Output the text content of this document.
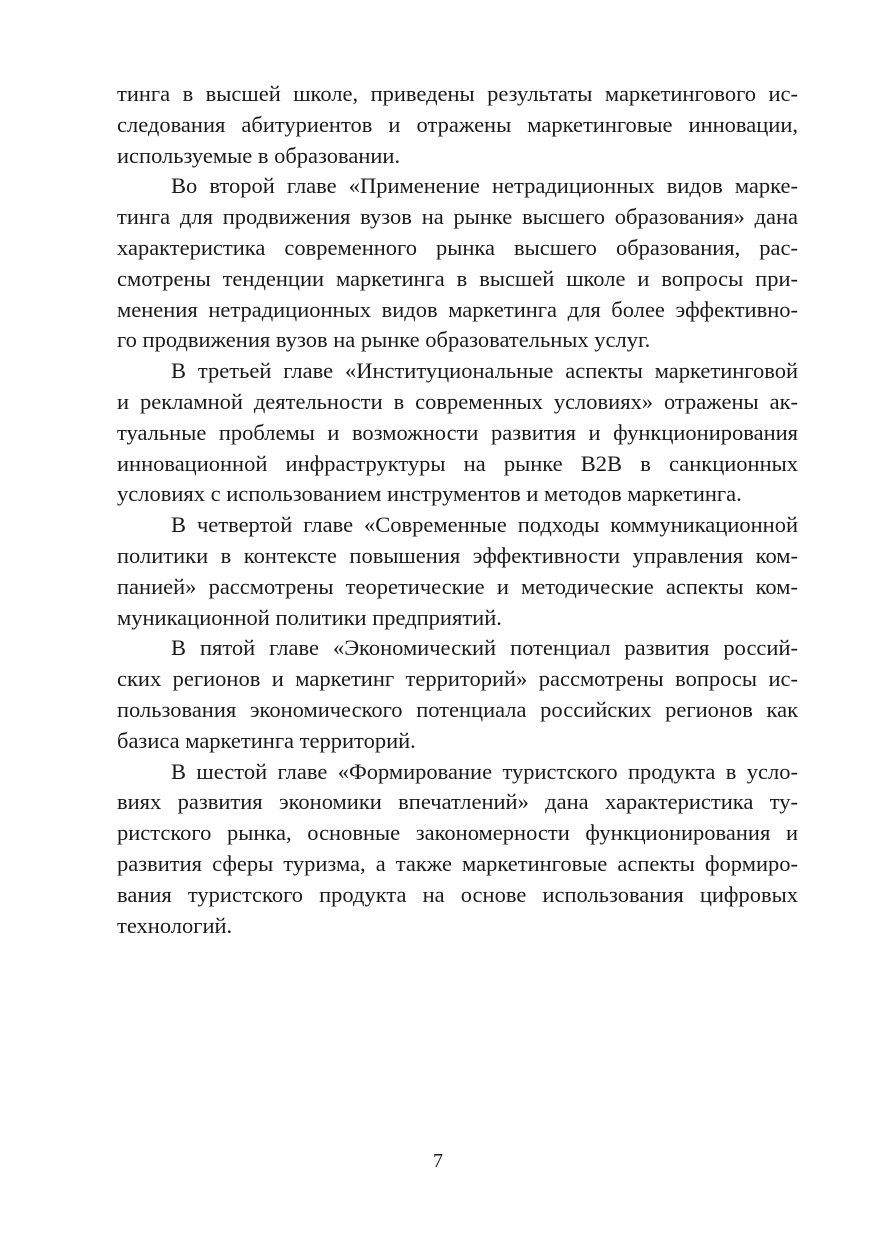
тинга в высшей школе, приведены результаты маркетингового ис-
следования абитуриентов и отражены маркетинговые инновации,
используемые в образовании.
Во второй главе «Применение нетрадиционных видов марке-
тинга для продвижения вузов на рынке высшего образования» дана
характеристика современного рынка высшего образования, рас-
смотрены тенденции маркетинга в высшей школе и вопросы при-
менения нетрадиционных видов маркетинга для более эффективно-
го продвижения вузов на рынке образовательных услуг.
В третьей главе «Институциональные аспекты маркетинговой
и рекламной деятельности в современных условиях» отражены ак-
туальные проблемы и возможности развития и функционирования
инновационной инфраструктуры на рынке B2B в санкционных
условиях с использованием инструментов и методов маркетинга.
В четвертой главе «Современные подходы коммуникационной
политики в контексте повышения эффективности управления ком-
панией» рассмотрены теоретические и методические аспекты ком-
муникационной политики предприятий.
В пятой главе «Экономический потенциал развития россий-
ских регионов и маркетинг территорий» рассмотрены вопросы ис-
пользования экономического потенциала российских регионов как
базиса маркетинга территорий.
В шестой главе «Формирование туристского продукта в усло-
виях развития экономики впечатлений» дана характеристика ту-
ристского рынка, основные закономерности функционирования и
развития сферы туризма, а также маркетинговые аспекты формиро-
вания туристского продукта на основе использования цифровых
технологий.
7
